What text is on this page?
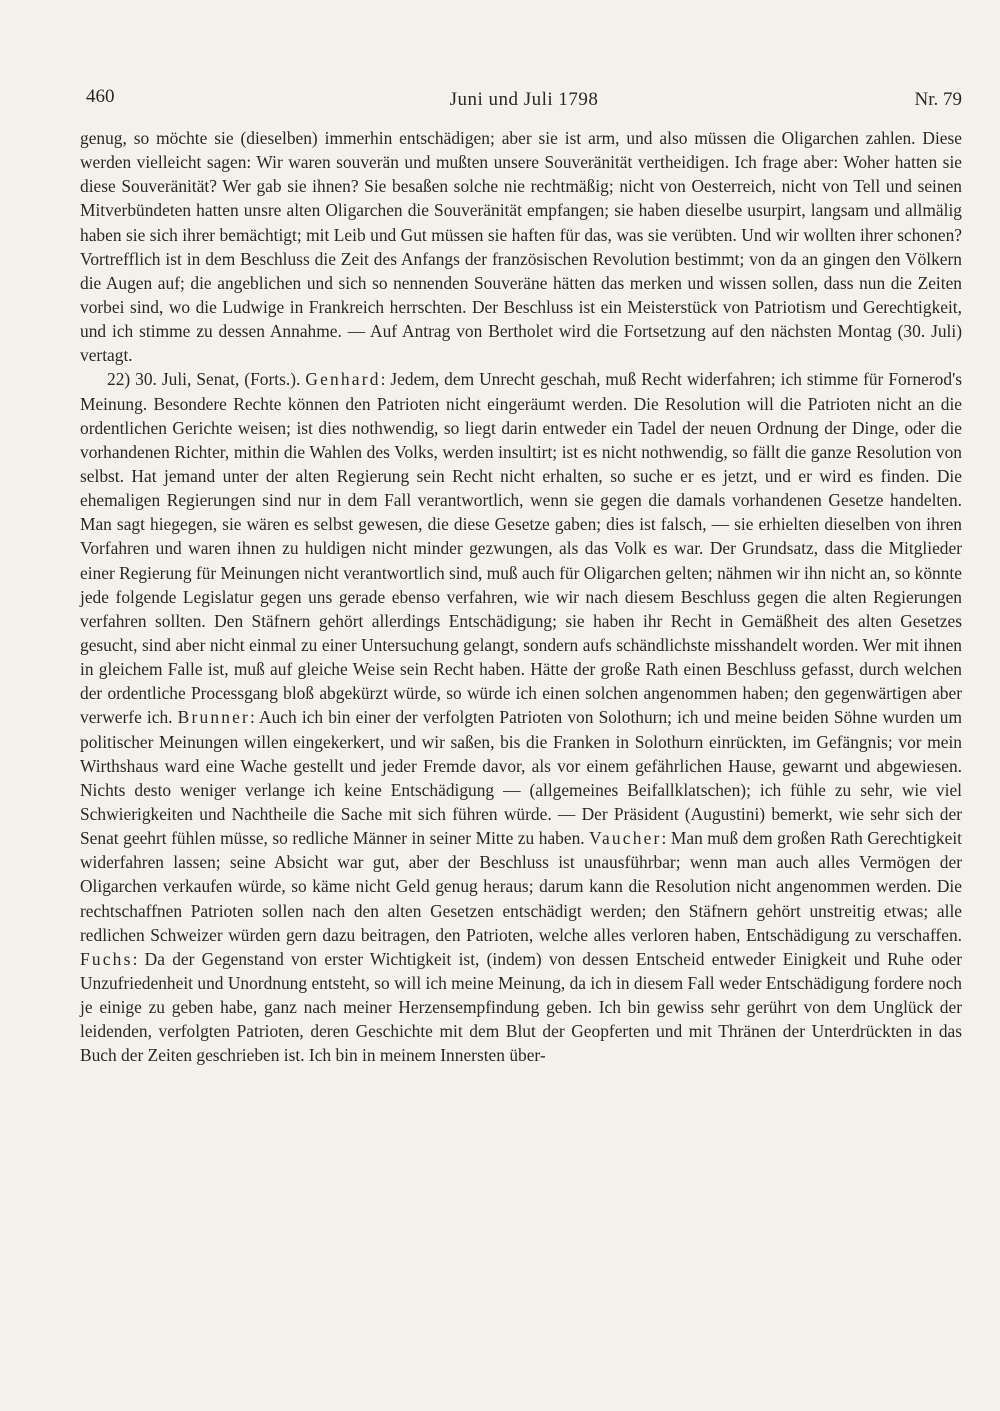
460	Juni und Juli 1798	Nr. 79

genug, so möchte sie (dieselben) immerhin entschädigen; aber sie ist arm, und also müssen die Oligarchen zahlen. Diese werden vielleicht sagen: Wir waren souverän und mußten unsere Souveränität vertheidigen. Ich frage aber: Woher hatten sie diese Souveränität? Wer gab sie ihnen? Sie besaßen solche nie rechtmäßig; nicht von Oesterreich, nicht von Tell und seinen Mitverbündeten hatten unsre alten Oligarchen die Souveränität empfangen; sie haben dieselbe usurpirt, langsam und allmälig haben sie sich ihrer bemächtigt; mit Leib und Gut müssen sie haften für das, was sie verübten. Und wir wollten ihrer schonen? Vortrefflich ist in dem Beschluss die Zeit des Anfangs der französischen Revolution bestimmt; von da an gingen den Völkern die Augen auf; die angeblichen und sich so nennenden Souveräne hätten das merken und wissen sollen, dass nun die Zeiten vorbei sind, wo die Ludwige in Frankreich herrschten. Der Beschluss ist ein Meisterstück von Patriotism und Gerechtigkeit, und ich stimme zu dessen Annahme. — Auf Antrag von Bertholet wird die Fortsetzung auf den nächsten Montag (30. Juli) vertagt.

22) 30. Juli, Senat, (Forts.). Genhard: Jedem, dem Unrecht geschah, muß Recht widerfahren; ich stimme für Fornerod's Meinung. Besondere Rechte können den Patrioten nicht eingeräumt werden. Die Resolution will die Patrioten nicht an die ordentlichen Gerichte weisen; ist dies nothwendig, so liegt darin entweder ein Tadel der neuen Ordnung der Dinge, oder die vorhandenen Richter, mithin die Wahlen des Volks, werden insultirt; ist es nicht nothwendig, so fällt die ganze Resolution von selbst. Hat jemand unter der alten Regierung sein Recht nicht erhalten, so suche er es jetzt, und er wird es finden. Die ehemaligen Regierungen sind nur in dem Fall verantwortlich, wenn sie gegen die damals vorhandenen Gesetze handelten. Man sagt hiegegen, sie wären es selbst gewesen, die diese Gesetze gaben; dies ist falsch, — sie erhielten dieselben von ihren Vorfahren und waren ihnen zu huldigen nicht minder gezwungen, als das Volk es war. Der Grundsatz, dass die Mitglieder einer Regierung für Meinungen nicht verantwortlich sind, muß auch für Oligarchen gelten; nähmen wir ihn nicht an, so könnte jede folgende Legislatur gegen uns gerade ebenso verfahren, wie wir nach diesem Beschluss gegen die alten Regierungen verfahren sollten. Den Stäfnern gehört allerdings Entschädigung; sie haben ihr Recht in Gemäßheit des alten Gesetzes gesucht, sind aber nicht einmal zu einer Untersuchung gelangt, sondern aufs schändlichste misshandelt worden. Wer mit ihnen in gleichem Falle ist, muß auf gleiche Weise sein Recht haben. Hätte der große Rath einen Beschluss gefasst, durch welchen der ordentliche Processgang bloß abgekürzt würde, so würde ich einen solchen angenommen haben; den gegenwärtigen aber verwerfe ich. Brunner: Auch ich bin einer der verfolgten Patrioten von Solothurn; ich und meine beiden Söhne wurden um politischer Meinungen willen eingekerkert, und wir saßen, bis die Franken in Solothurn einrückten, im Gefängnis; vor mein Wirthshaus ward eine Wache gestellt und jeder Fremde davor, als vor einem gefährlichen Hause, gewarnt und abgewiesen. Nichts desto weniger verlange ich keine Entschädigung — (allgemeines Beifallklatschen); ich fühle zu sehr, wie viel Schwierigkeiten und Nachtheile die Sache mit sich führen würde. — Der Präsident (Augustini) bemerkt, wie sehr sich der Senat geehrt fühlen müsse, so redliche Männer in seiner Mitte zu haben. Vaucher: Man muß dem großen Rath Gerechtigkeit widerfahren lassen; seine Absicht war gut, aber der Beschluss ist unausführbar; wenn man auch alles Vermögen der Oligarchen verkaufen würde, so käme nicht Geld genug heraus; darum kann die Resolution nicht angenommen werden. Die rechtschaffnen Patrioten sollen nach den alten Gesetzen entschädigt werden; den Stäfnern gehört unstreitig etwas; alle redlichen Schweizer würden gern dazu beitragen, den Patrioten, welche alles verloren haben, Entschädigung zu verschaffen. Fuchs: Da der Gegenstand von erster Wichtigkeit ist, (indem) von dessen Entscheid entweder Einigkeit und Ruhe oder Unzufriedenheit und Unordnung entsteht, so will ich meine Meinung, da ich in diesem Fall weder Entschädigung fordere noch je einige zu geben habe, ganz nach meiner Herzensempfindung geben. Ich bin gewiss sehr gerührt von dem Unglück der leidenden, verfolgten Patrioten, deren Geschichte mit dem Blut der Geopferten und mit Thränen der Unterdrückten in das Buch der Zeiten geschrieben ist. Ich bin in meinem Innersten über-
